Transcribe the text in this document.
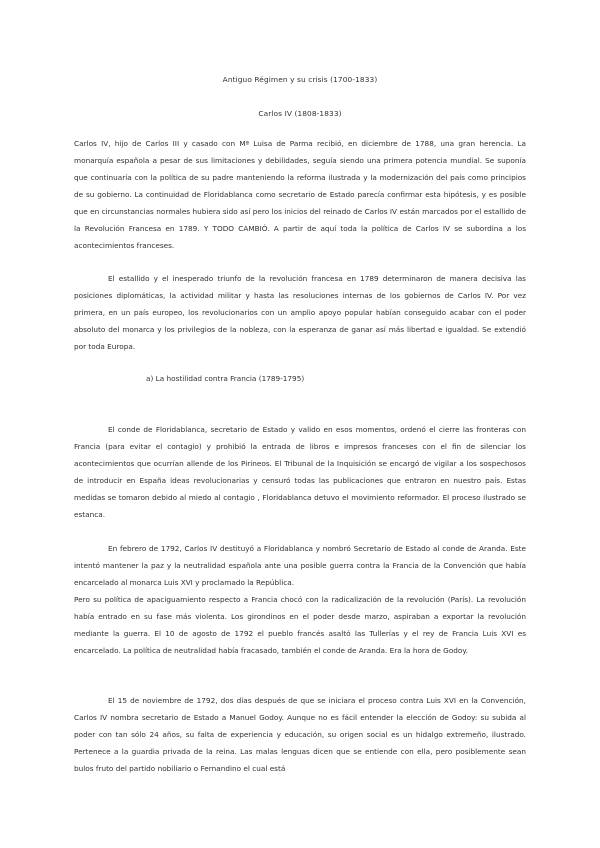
Antiguo Régimen y su crisis (1700-1833)
Carlos IV (1808-1833)

Carlos IV, hijo de Carlos III y casado con Mª Luisa de Parma recibió, en diciembre de 1788, una gran herencia. La monarquía española a pesar de sus limitaciones y debilidades, seguía siendo una primera potencia mundial. Se suponía que continuaría con la política de su padre manteniendo la reforma ilustrada y la modernización del país como principios de su gobierno. La continuidad de Floridablanca como secretario de Estado parecía confirmar esta hipótesis, y es posible que en circunstancias normales hubiera sido así pero los inicios del reinado de Carlos IV están marcados por el estallido de la Revolución Francesa en 1789. Y TODO CAMBIÓ. A partir de aquí toda la política de Carlos IV se subordina a los acontecimientos franceses.

El estallido y el inesperado triunfo de la revolución francesa en 1789 determinaron de manera decisiva las posiciones diplomáticas, la actividad militar y hasta las resoluciones internas de los gobiernos de Carlos IV. Por vez primera, en un país europeo, los revolucionarios con un amplio apoyo popular habían conseguido acabar con el poder absoluto del monarca y los privilegios de la nobleza, con la esperanza de ganar así más libertad e igualdad. Se extendió por toda Europa.

a) La hostilidad contra Francia (1789-1795)

El conde de Floridablanca, secretario de Estado y valido en esos momentos, ordenó el cierre las fronteras con Francia (para evitar el contagio) y prohibió la entrada de libros e impresos franceses con el fin de silenciar los acontecimientos que ocurrían allende de los Pirineos. El Tribunal de la Inquisición se encargó de vigilar a los sospechosos de introducir en España ideas revolucionarias y censuró todas las publicaciones que entraron en nuestro país. Estas medidas se tomaron debido al miedo al contagio , Floridablanca detuvo el movimiento reformador. El proceso ilustrado se estanca.

En febrero de 1792, Carlos IV destituyó a Floridablanca y nombró Secretario de Estado al conde de Aranda. Este intentó mantener la paz y la neutralidad española ante una posible guerra contra la Francia de la Convención que había encarcelado al monarca Luis XVI y proclamado la República.

Pero su política de apaciguamiento respecto a Francia chocó con la radicalización de la revolución (París). La revolución había entrado en su fase más violenta. Los girondinos en el poder desde marzo, aspiraban a exportar la revolución mediante la guerra. El 10 de agosto de 1792 el pueblo francés asaltó las Tullerías y el rey de Francia Luis XVI es encarcelado. La política de neutralidad había fracasado, también el conde de Aranda. Era la hora de Godoy.

El 15 de noviembre de 1792, dos días después de que se iniciara el proceso contra Luis XVI en la Convención, Carlos IV nombra secretario de Estado a Manuel Godoy. Aunque no es fácil entender la elección de Godoy: su subida al poder con tan sólo 24 años, su falta de experiencia y educación, su origen social es un hidalgo extremeño, ilustrado. Pertenece a la guardia privada de la reina. Las malas lenguas dicen que se entiende con ella, pero posiblemente sean bulos fruto del partido nobiliario o Fernandino el cual está
